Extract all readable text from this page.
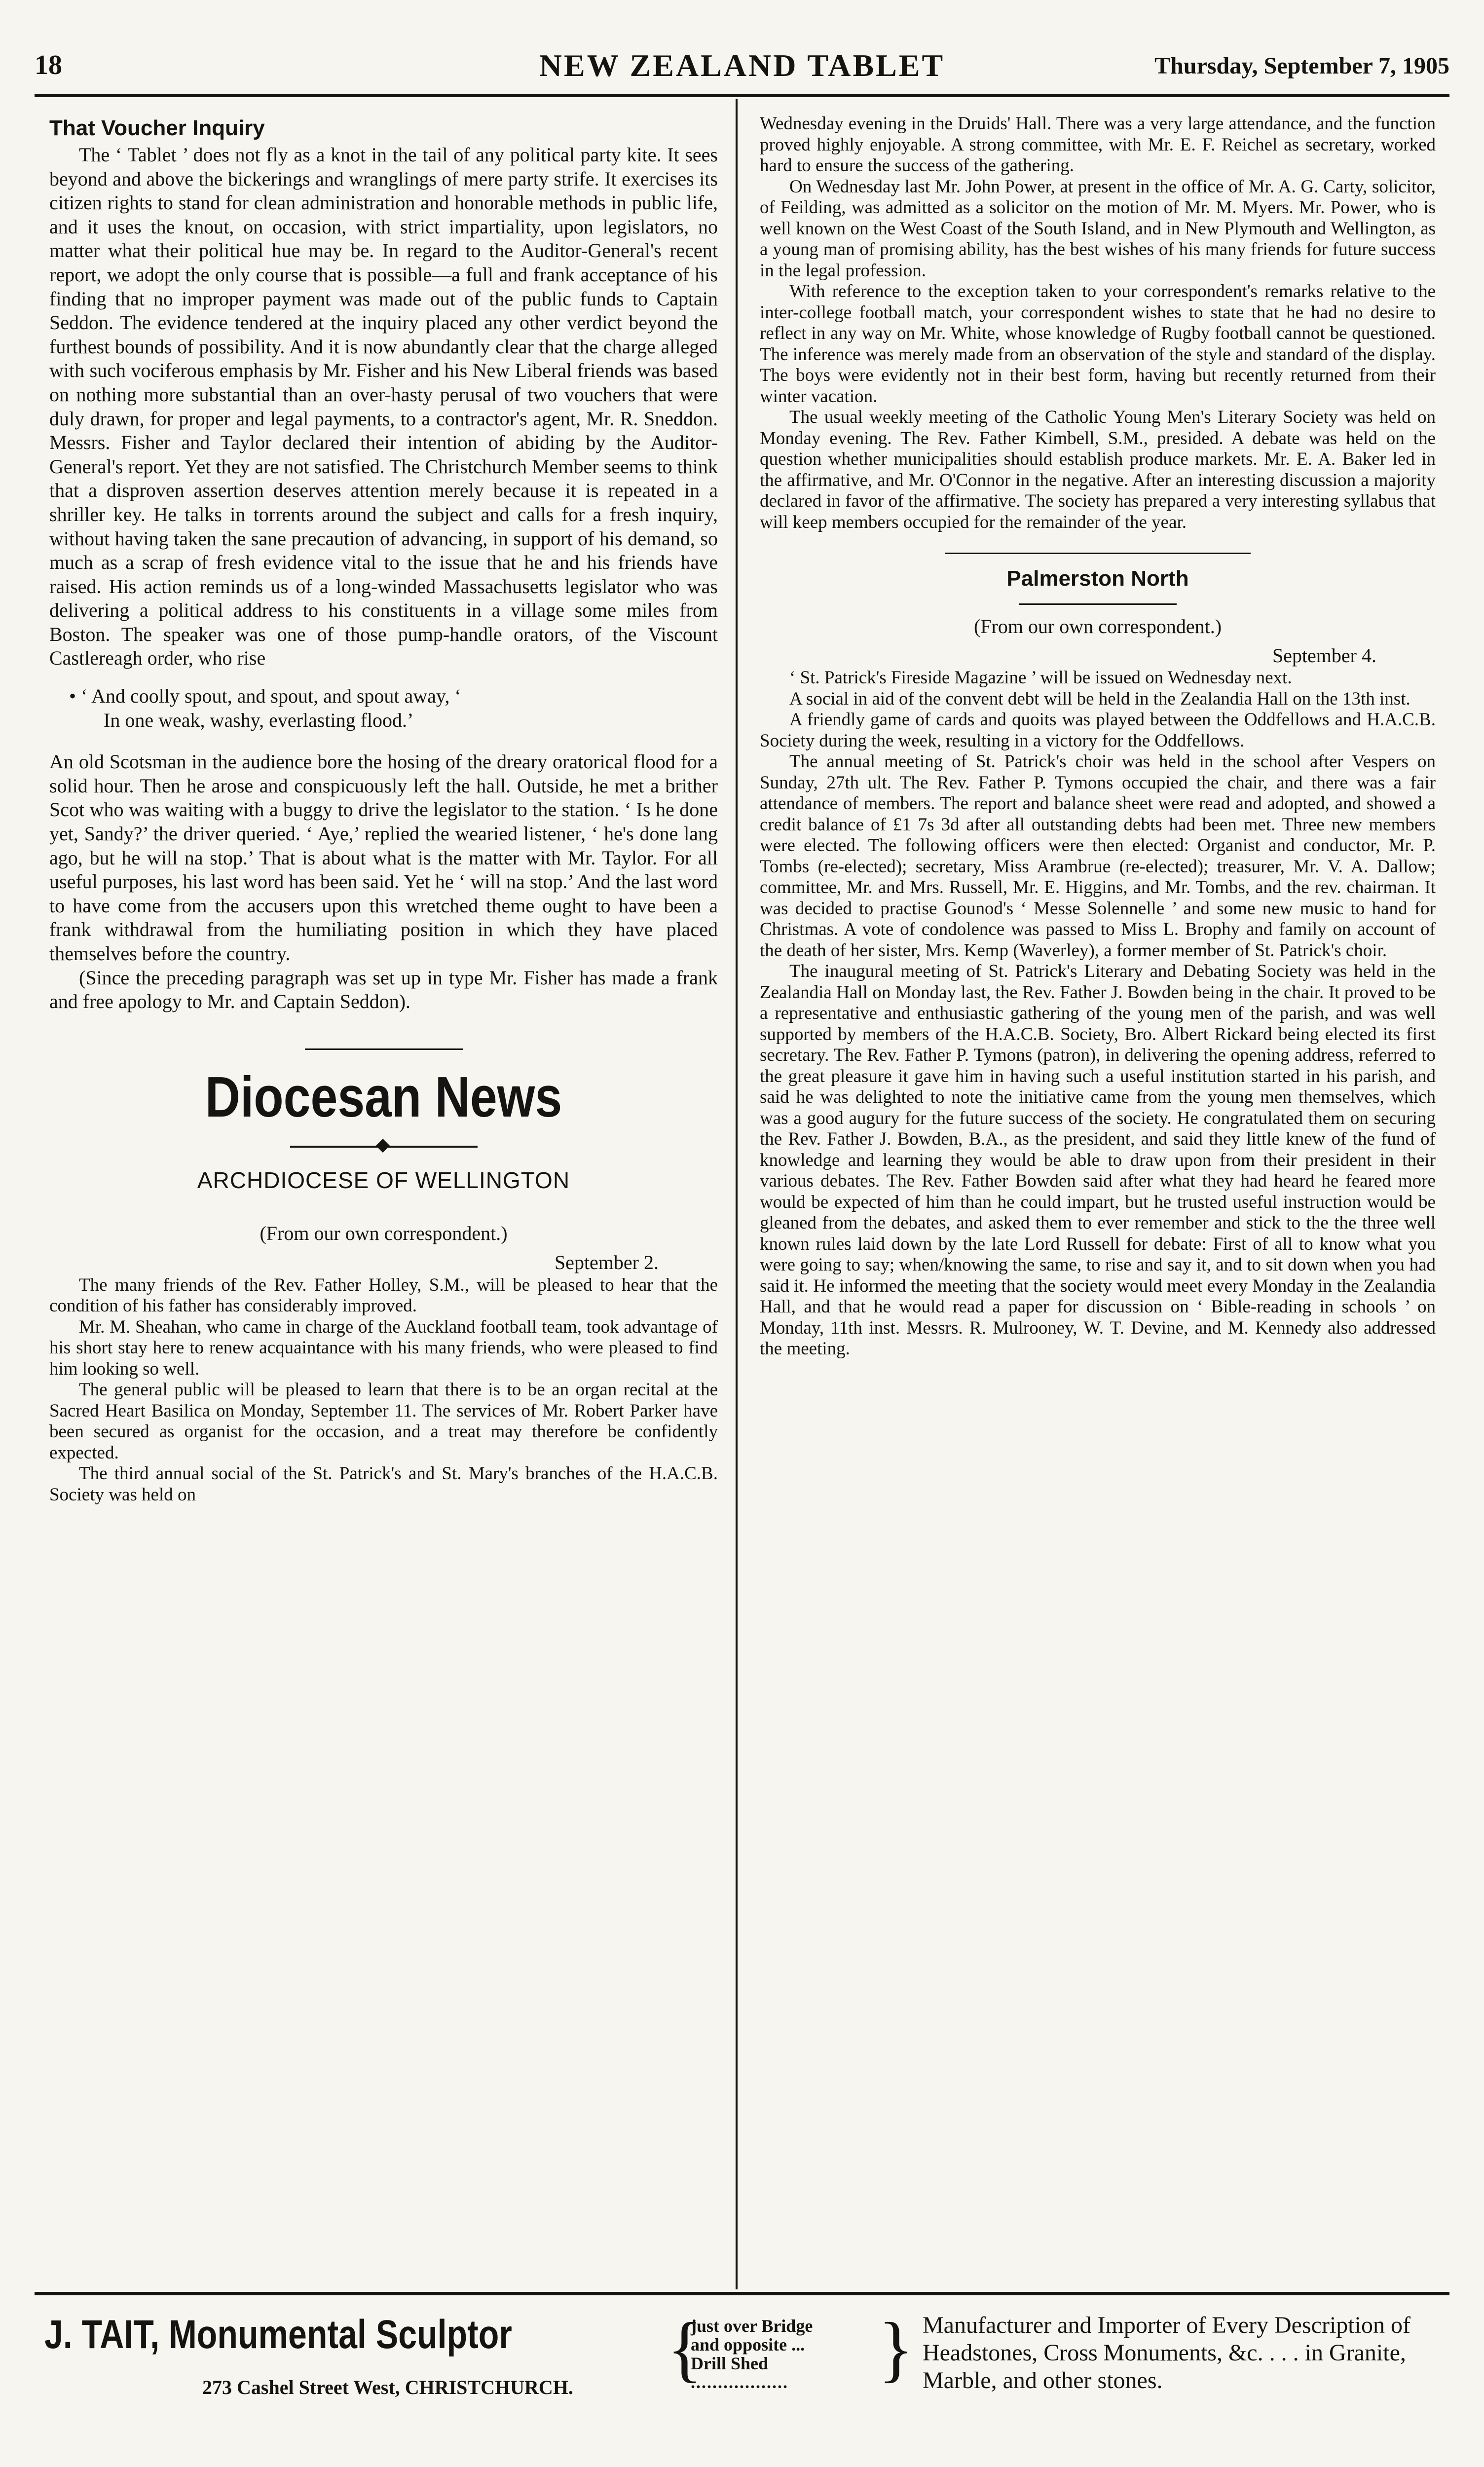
18	NEW ZEALAND TABLET	Thursday, September 7, 1905
That Voucher Inquiry

The ‘ Tablet ’ does not fly as a knot in the tail of any political party kite. It sees beyond and above the bickerings and wranglings of mere party strife. It exercises its citizen rights to stand for clean administration and honorable methods in public life, and it uses the knout, on occasion, with strict impartiality, upon legislators, no matter what their political hue may be. In regard to the Auditor-General's recent report, we adopt the only course that is possible—a full and frank acceptance of his finding that no improper payment was made out of the public funds to Captain Seddon. The evidence tendered at the inquiry placed any other verdict beyond the furthest bounds of possibility. And it is now abundantly clear that the charge alleged with such vociferous emphasis by Mr. Fisher and his New Liberal friends was based on nothing more substantial than an over-hasty perusal of two vouchers that were duly drawn, for proper and legal payments, to a contractor's agent, Mr. R. Sneddon. Messrs. Fisher and Taylor declared their intention of abiding by the Auditor-General's report. Yet they are not satisfied. The Christchurch Member seems to think that a disproven assertion deserves attention merely because it is repeated in a shriller key. He talks in torrents around the subject and calls for a fresh inquiry, without having taken the sane precaution of advancing, in support of his demand, so much as a scrap of fresh evidence vital to the issue that he and his friends have raised. His action reminds us of a long-winded Massachusetts legislator who was delivering a political address to his constituents in a village some miles from Boston. The speaker was one of those pump-handle orators, of the Viscount Castlereagh order, who rise

• ‘ And coolly spout, and spout, and spout away, ‘
In one weak, washy, everlasting flood.’

An old Scotsman in the audience bore the hosing of the dreary oratorical flood for a solid hour. Then he arose and conspicuously left the hall. Outside, he met a brither Scot who was waiting with a buggy to drive the legislator to the station. ‘ Is he done yet, Sandy?’ the driver queried. ‘ Aye,’ replied the wearied listener, ‘ he's done lang ago, but he will na stop.’ That is about what is the matter with Mr. Taylor. For all useful purposes, his last word has been said. Yet he ‘ will na stop.’ And the last word to have come from the accusers upon this wretched theme ought to have been a frank withdrawal from the humiliating position in which they have placed themselves before the country.

(Since the preceding paragraph was set up in type Mr. Fisher has made a frank and free apology to Mr. and Captain Seddon).

Diocesan News
ARCHDIOCESE OF WELLINGTON
(From our own correspondent.)
September 2.

The many friends of the Rev. Father Holley, S.M., will be pleased to hear that the condition of his father has considerably improved.

Mr. M. Sheahan, who came in charge of the Auckland football team, took advantage of his short stay here to renew acquaintance with his many friends, who were pleased to find him looking so well.

The general public will be pleased to learn that there is to be an organ recital at the Sacred Heart Basilica on Monday, September 11. The services of Mr. Robert Parker have been secured as organist for the occasion, and a treat may therefore be confidently expected.

The third annual social of the St. Patrick's and St. Mary's branches of the H.A.C.B. Society was held on

Wednesday evening in the Druids' Hall. There was a very large attendance, and the function proved highly enjoyable. A strong committee, with Mr. E. F. Reichel as secretary, worked hard to ensure the success of the gathering.

On Wednesday last Mr. John Power, at present in the office of Mr. A. G. Carty, solicitor, of Feilding, was admitted as a solicitor on the motion of Mr. M. Myers. Mr. Power, who is well known on the West Coast of the South Island, and in New Plymouth and Wellington, as a young man of promising ability, has the best wishes of his many friends for future success in the legal profession.

With reference to the exception taken to your correspondent's remarks relative to the inter-college football match, your correspondent wishes to state that he had no desire to reflect in any way on Mr. White, whose knowledge of Rugby football cannot be questioned. The inference was merely made from an observation of the style and standard of the display. The boys were evidently not in their best form, having but recently returned from their winter vacation.

The usual weekly meeting of the Catholic Young Men's Literary Society was held on Monday evening. The Rev. Father Kimbell, S.M., presided. A debate was held on the question whether municipalities should establish produce markets. Mr. E. A. Baker led in the affirmative, and Mr. O'Connor in the negative. After an interesting discussion a majority declared in favor of the affirmative. The society has prepared a very interesting syllabus that will keep members occupied for the remainder of the year.

Palmerston North
(From our own correspondent.)
September 4.

‘ St. Patrick's Fireside Magazine ’ will be issued on Wednesday next.

A social in aid of the convent debt will be held in the Zealandia Hall on the 13th inst.

A friendly game of cards and quoits was played between the Oddfellows and H.A.C.B. Society during the week, resulting in a victory for the Oddfellows.

The annual meeting of St. Patrick's choir was held in the school after Vespers on Sunday, 27th ult. The Rev. Father P. Tymons occupied the chair, and there was a fair attendance of members. The report and balance sheet were read and adopted, and showed a credit balance of £1 7s 3d after all outstanding debts had been met. Three new members were elected. The following officers were then elected: Organist and conductor, Mr. P. Tombs (re-elected); secretary, Miss Arambrue (re-elected); treasurer, Mr. V. A. Dallow; committee, Mr. and Mrs. Russell, Mr. E. Higgins, and Mr. Tombs, and the rev. chairman. It was decided to practise Gounod's ‘ Messe Solennelle ’ and some new music to hand for Christmas. A vote of condolence was passed to Miss L. Brophy and family on account of the death of her sister, Mrs. Kemp (Waverley), a former member of St. Patrick's choir.

The inaugural meeting of St. Patrick's Literary and Debating Society was held in the Zealandia Hall on Monday last, the Rev. Father J. Bowden being in the chair. It proved to be a representative and enthusiastic gathering of the young men of the parish, and was well supported by members of the H.A.C.B. Society, Bro. Albert Rickard being elected its first secretary. The Rev. Father P. Tymons (patron), in delivering the opening address, referred to the great pleasure it gave him in having such a useful institution started in his parish, and said he was delighted to note the initiative came from the young men themselves, which was a good augury for the future success of the society. He congratulated them on securing the Rev. Father J. Bowden, B.A., as the president, and said they little knew of the fund of knowledge and learning they would be able to draw upon from their president in their various debates. The Rev. Father Bowden said after what they had heard he feared more would be expected of him than he could impart, but he trusted useful instruction would be gleaned from the debates, and asked them to ever remember and stick to the the three well known rules laid down by the late Lord Russell for debate: First of all to know what you were going to say; when/knowing the same, to rise and say it, and to sit down when you had said it. He informed the meeting that the society would meet every Monday in the Zealandia Hall, and that he would read a paper for discussion on ‘ Bible-reading in schools ’ on Monday, 11th inst. Messrs. R. Mulrooney, W. T. Devine, and M. Kennedy also addressed the meeting.

J. TAIT, Monumental Sculptor
273 Cashel Street West, CHRISTCHURCH. {
just over Bridge
and opposite ...
Drill Shed
..................	} Manufacturer and Importer of Every Description of Headstones, Cross Monuments, &c. . . . in Granite, Marble, and other stones.
